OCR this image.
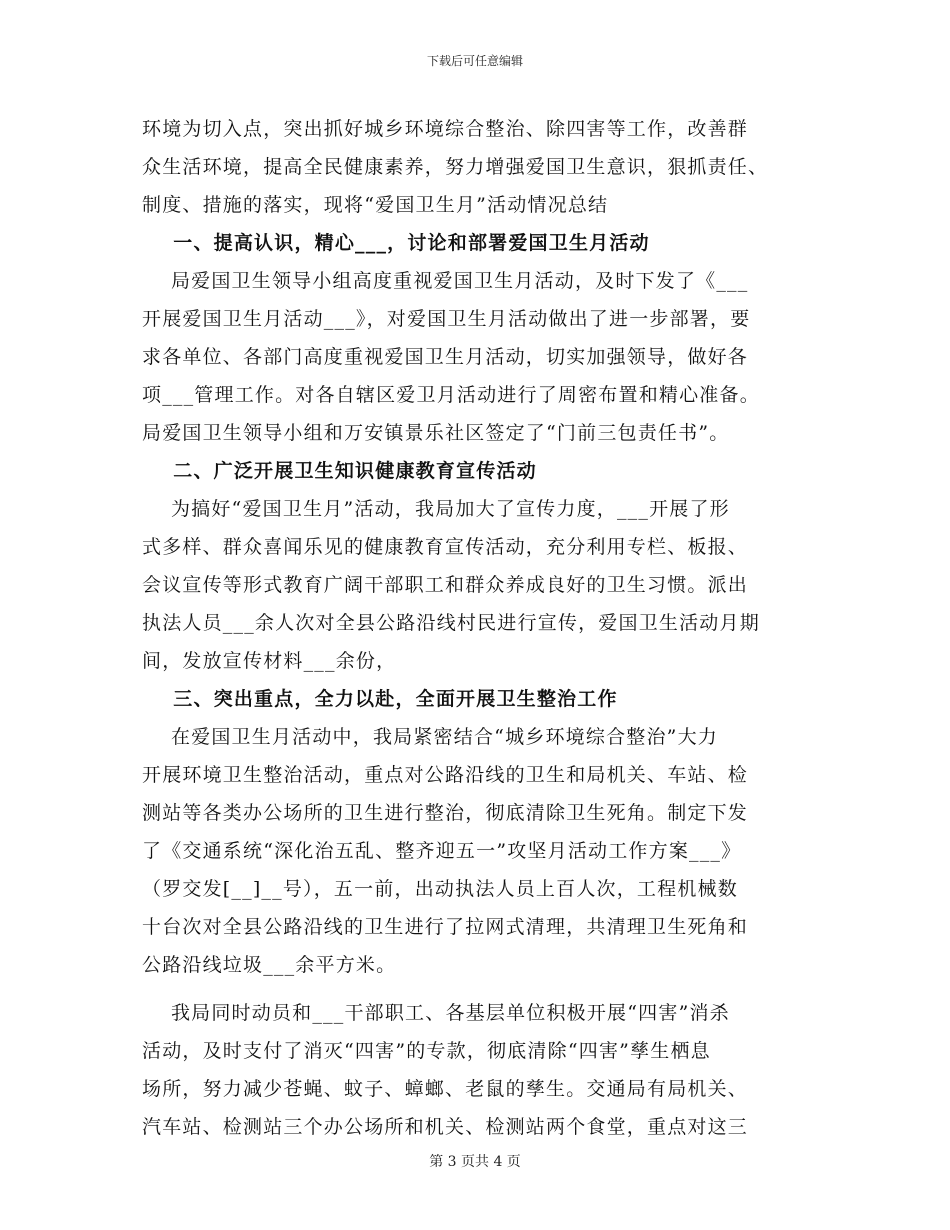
下载后可任意编辑
环境为切入点，突出抓好城乡环境综合整治、除四害等工作，改善群
众生活环境，提高全民健康素养，努力增强爱国卫生意识，狠抓责任、
制度、措施的落实，现将“爱国卫生月”活动情况总结
一、提高认识，精心___，讨论和部署爱国卫生月活动
局爱国卫生领导小组高度重视爱国卫生月活动，及时下发了《___
开展爱国卫生月活动___》，对爱国卫生月活动做出了进一步部署，要
求各单位、各部门高度重视爱国卫生月活动，切实加强领导，做好各
项___管理工作。对各自辖区爱卫月活动进行了周密布置和精心准备。
局爱国卫生领导小组和万安镇景乐社区签定了“门前三包责任书”。
二、广泛开展卫生知识健康教育宣传活动
为搞好“爱国卫生月”活动，我局加大了宣传力度，___开展了形
式多样、群众喜闻乐见的健康教育宣传活动，充分利用专栏、板报、
会议宣传等形式教育广阔干部职工和群众养成良好的卫生习惯。派出
执法人员___余人次对全县公路沿线村民进行宣传，爱国卫生活动月期
间，发放宣传材料___余份，
三、突出重点，全力以赴，全面开展卫生整治工作
在爱国卫生月活动中，我局紧密结合“城乡环境综合整治”大力
开展环境卫生整治活动，重点对公路沿线的卫生和局机关、车站、检
测站等各类办公场所的卫生进行整治，彻底清除卫生死角。制定下发
了《交通系统“深化治五乱、整齐迎五一”攻坚月活动工作方案___》
（罗交发[__]__号），五一前，出动执法人员上百人次，工程机械数
十台次对全县公路沿线的卫生进行了拉网式清理，共清理卫生死角和
公路沿线垃圾___余平方米。
我局同时动员和___干部职工、各基层单位积极开展“四害”消杀
活动，及时支付了消灭“四害”的专款，彻底清除“四害”孳生栖息
场所，努力减少苍蝇、蚊子、蟑螂、老鼠的孳生。交通局有局机关、
汽车站、检测站三个办公场所和机关、检测站两个食堂，重点对这三
第 3 页共 4 页
